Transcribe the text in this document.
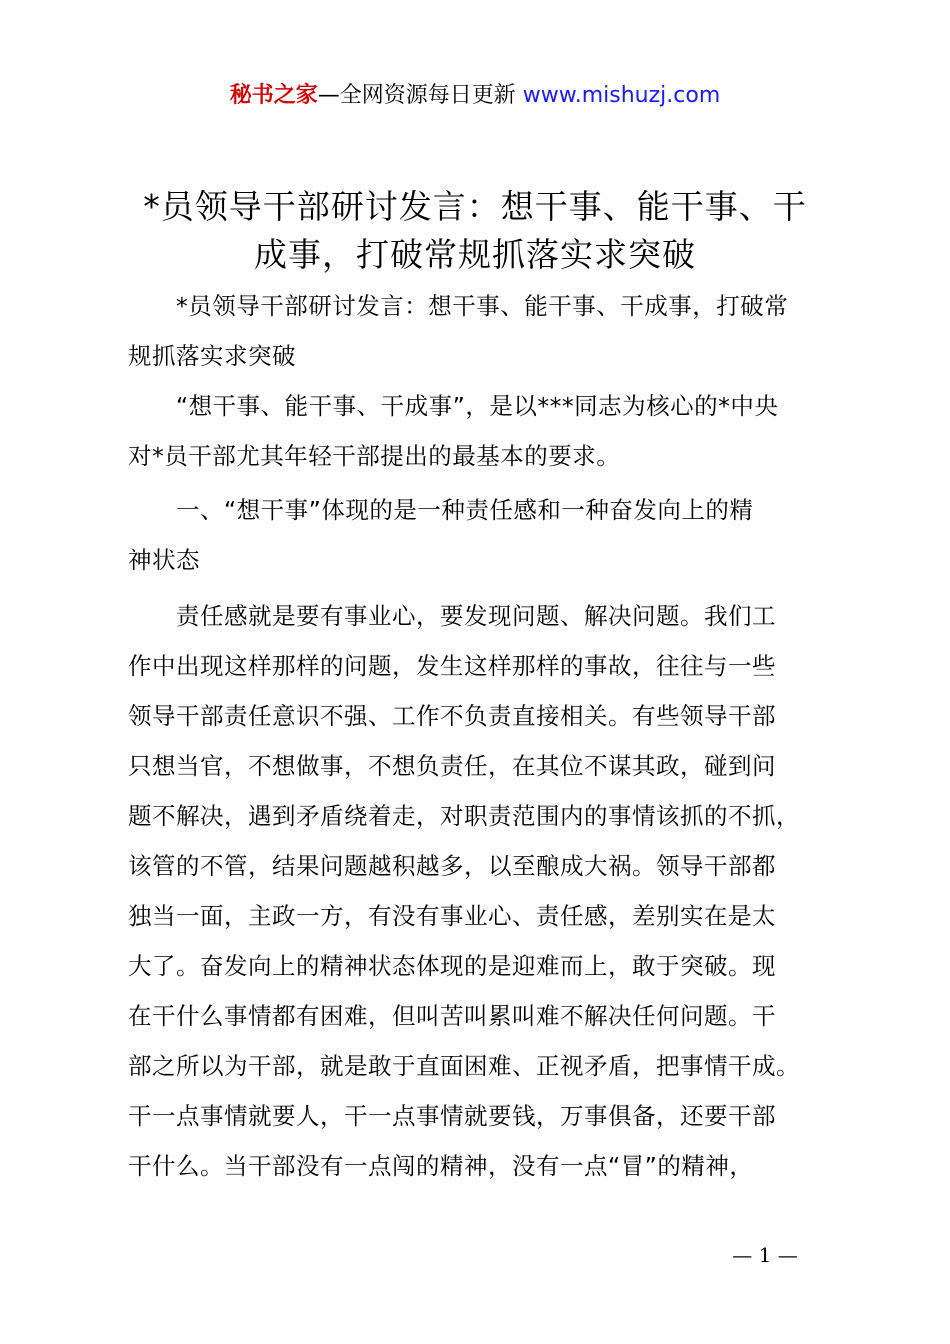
秘书之家—全网资源每日更新 www.mishuzj.com
*员领导干部研讨发言：想干事、能干事、干
成事，打破常规抓落实求突破
*员领导干部研讨发言：想干事、能干事、干成事，打破常
规抓落实求突破
“想干事、能干事、干成事”，是以***同志为核心的*中央
对*员干部尤其年轻干部提出的最基本的要求。
一、“想干事”体现的是一种责任感和一种奋发向上的精
神状态
责任感就是要有事业心，要发现问题、解决问题。我们工
作中出现这样那样的问题，发生这样那样的事故，往往与一些
领导干部责任意识不强、工作不负责直接相关。有些领导干部
只想当官，不想做事，不想负责任，在其位不谋其政，碰到问
题不解决，遇到矛盾绕着走，对职责范围内的事情该抓的不抓，
该管的不管，结果问题越积越多，以至酿成大祸。领导干部都
独当一面，主政一方，有没有事业心、责任感，差别实在是太
大了。奋发向上的精神状态体现的是迎难而上，敢于突破。现
在干什么事情都有困难，但叫苦叫累叫难不解决任何问题。干
部之所以为干部，就是敢于直面困难、正视矛盾，把事情干成。
干一点事情就要人，干一点事情就要钱，万事俱备，还要干部
干什么。当干部没有一点闯的精神，没有一点“冒”的精神，
— 1 —
